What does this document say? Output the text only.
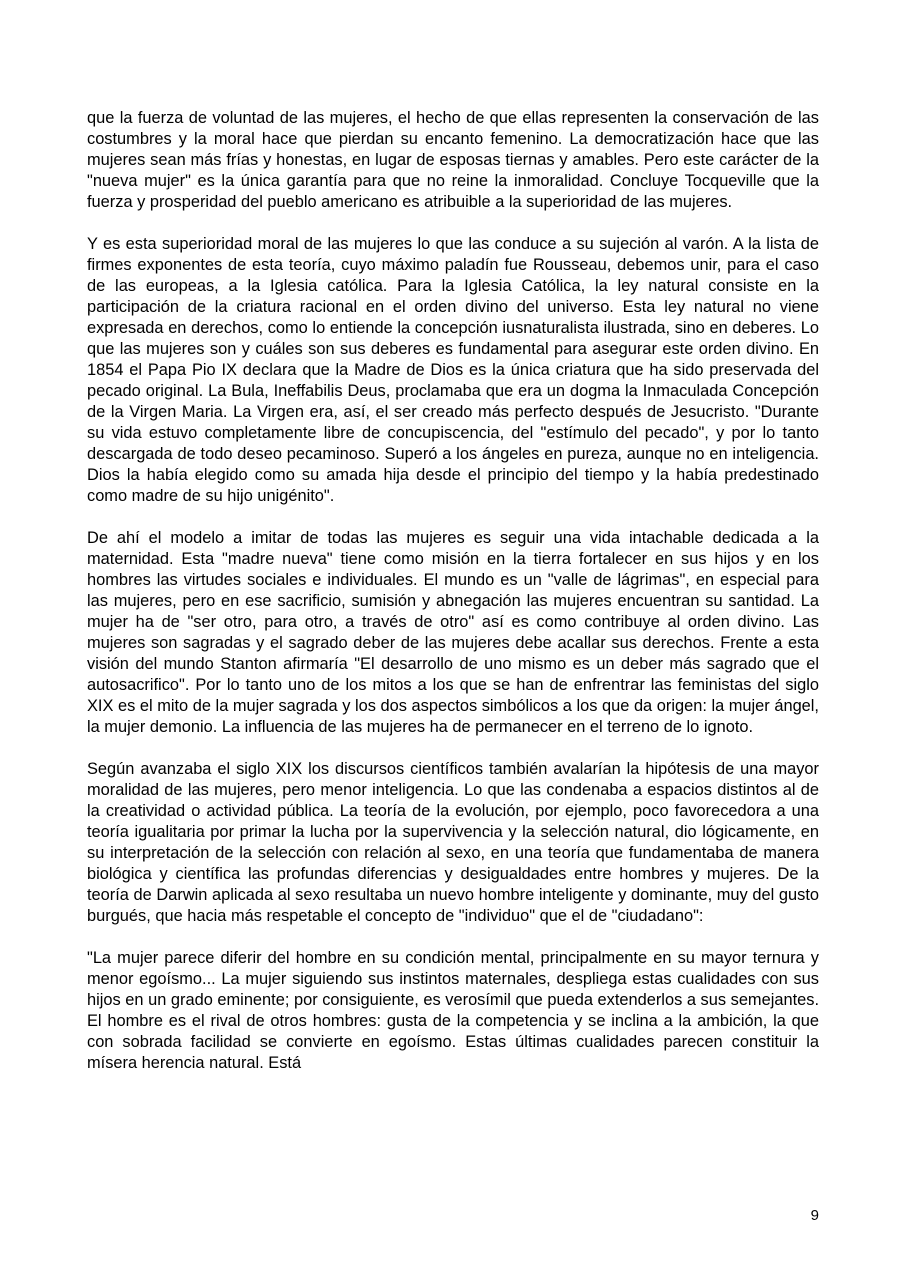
que la fuerza de voluntad de las mujeres, el hecho de que ellas representen la conservación de las costumbres y la moral hace que pierdan su encanto femenino. La democratización hace que las mujeres sean más frías y honestas, en lugar de esposas tiernas y amables. Pero este carácter de la "nueva mujer" es la única garantía para que no reine la inmoralidad. Concluye Tocqueville que la fuerza y prosperidad del pueblo americano es atribuible a la superioridad de las mujeres.

Y es esta superioridad moral de las mujeres lo que las conduce a su sujeción al varón. A la lista de firmes exponentes de esta teoría, cuyo máximo paladín fue Rousseau, debemos unir, para el caso de las europeas, a la Iglesia católica. Para la Iglesia Católica, la ley natural consiste en la participación de la criatura racional en el orden divino del universo. Esta ley natural no viene expresada en derechos, como lo entiende la concepción iusnaturalista ilustrada, sino en deberes. Lo que las mujeres son y cuáles son sus deberes es fundamental para asegurar este orden divino. En 1854 el Papa Pio IX declara que la Madre de Dios es la única criatura que ha sido preservada del pecado original. La Bula, Ineffabilis Deus, proclamaba que era un dogma la Inmaculada Concepción de la Virgen Maria. La Virgen era, así, el ser creado más perfecto después de Jesucristo. "Durante su vida estuvo completamente libre de concupiscencia, del "estímulo del pecado", y por lo tanto descargada de todo deseo pecaminoso. Superó a los ángeles en pureza, aunque no en inteligencia. Dios la había elegido como su amada hija desde el principio del tiempo y la había predestinado como madre de su hijo unigénito".

De ahí el modelo a imitar de todas las mujeres es seguir una vida intachable dedicada a la maternidad. Esta "madre nueva" tiene como misión en la tierra fortalecer en sus hijos y en los hombres las virtudes sociales e individuales. El mundo es un "valle de lágrimas", en especial para las mujeres, pero en ese sacrificio, sumisión y abnegación las mujeres encuentran su santidad. La mujer ha de "ser otro, para otro, a través de otro" así es como contribuye al orden divino. Las mujeres son sagradas y el sagrado deber de las mujeres debe acallar sus derechos. Frente a esta visión del mundo Stanton afirmaría "El desarrollo de uno mismo es un deber más sagrado que el autosacrifico". Por lo tanto uno de los mitos a los que se han de enfrentrar las feministas del siglo XIX es el mito de la mujer sagrada y los dos aspectos simbólicos a los que da origen: la mujer ángel, la mujer demonio. La influencia de las mujeres ha de permanecer en el terreno de lo ignoto.

Según avanzaba el siglo XIX los discursos científicos también avalarían la hipótesis de una mayor moralidad de las mujeres, pero menor inteligencia. Lo que las condenaba a espacios distintos al de la creatividad o actividad pública. La teoría de la evolución, por ejemplo, poco favorecedora a una teoría igualitaria por primar la lucha por la supervivencia y la selección natural, dio lógicamente, en su interpretación de la selección con relación al sexo, en una teoría que fundamentaba de manera biológica y científica las profundas diferencias y desigualdades entre hombres y mujeres. De la teoría de Darwin aplicada al sexo resultaba un nuevo hombre inteligente y dominante, muy del gusto burgués, que hacia más respetable el concepto de "individuo" que el de "ciudadano":

"La mujer parece diferir del hombre en su condición mental, principalmente en su mayor ternura y menor egoísmo... La mujer siguiendo sus instintos maternales, despliega estas cualidades con sus hijos en un grado eminente; por consiguiente, es verosímil que pueda extenderlos a sus semejantes. El hombre es el rival de otros hombres: gusta de la competencia y se inclina a la ambición, la que con sobrada facilidad se convierte en egoísmo. Estas últimas cualidades parecen constituir la mísera herencia natural. Está

9
